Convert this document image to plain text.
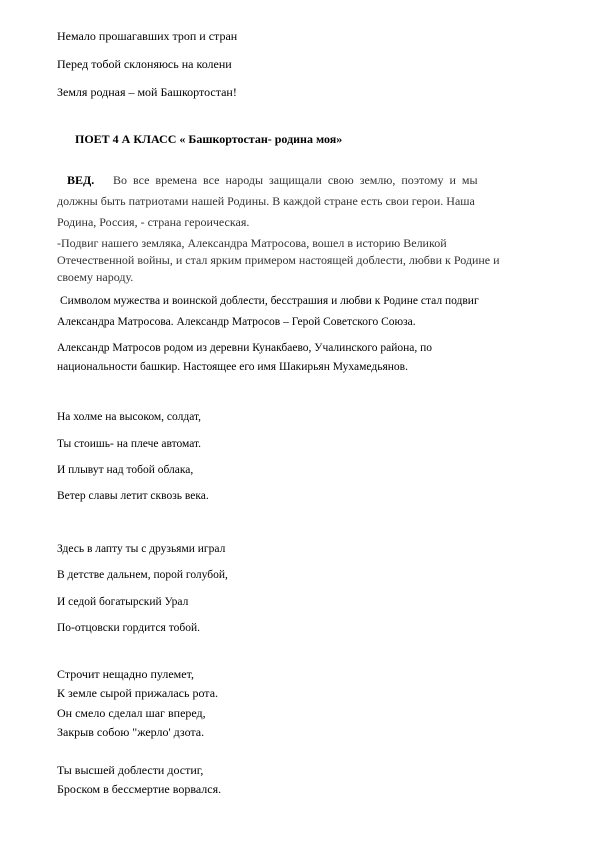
Немало прошагавших троп и стран
Перед тобой склоняюсь на колени
Земля родная – мой Башкортостан!
ПОЕТ 4 А КЛАСС « Башкортостан- родина моя»
ВЕД. Во все времена все народы защищали свою землю, поэтому и мы
должны быть патриотами нашей Родины. В каждой стране есть свои герои. Наша
Родина, Россия, - страна героическая.
-Подвиг нашего земляка, Александра Матросова, вошел в историю Великой
Отечественной войны, и стал ярким примером настоящей доблести, любви к Родине и
своему народу.
Символом мужества и воинской доблести, бесстрашия и любви к Родине стал подвиг
Александра Матросова. Александр Матросов – Герой Советского Союза.
Александр Матросов родом из деревни Кунакбаево, Учалинского района, по
национальности башкир. Настоящее его имя Шакирьян Мухамедьянов.
На холме на высоком, солдат,
Ты стоишь- на плече автомат.
И плывут над тобой облака,
Ветер славы летит сквозь века.
Здесь в лапту ты с друзьями играл
В детстве дальнем, порой голубой,
И седой богатырский Урал
По-отцовски гордится тобой.
Строчит нещадно пулемет,
К земле сырой прижалась рота.
Он смело сделал шаг вперед,
Закрыв собою "жерло' дзота.
Ты высшей доблести достиг,
Броском в бессмертие ворвался.
